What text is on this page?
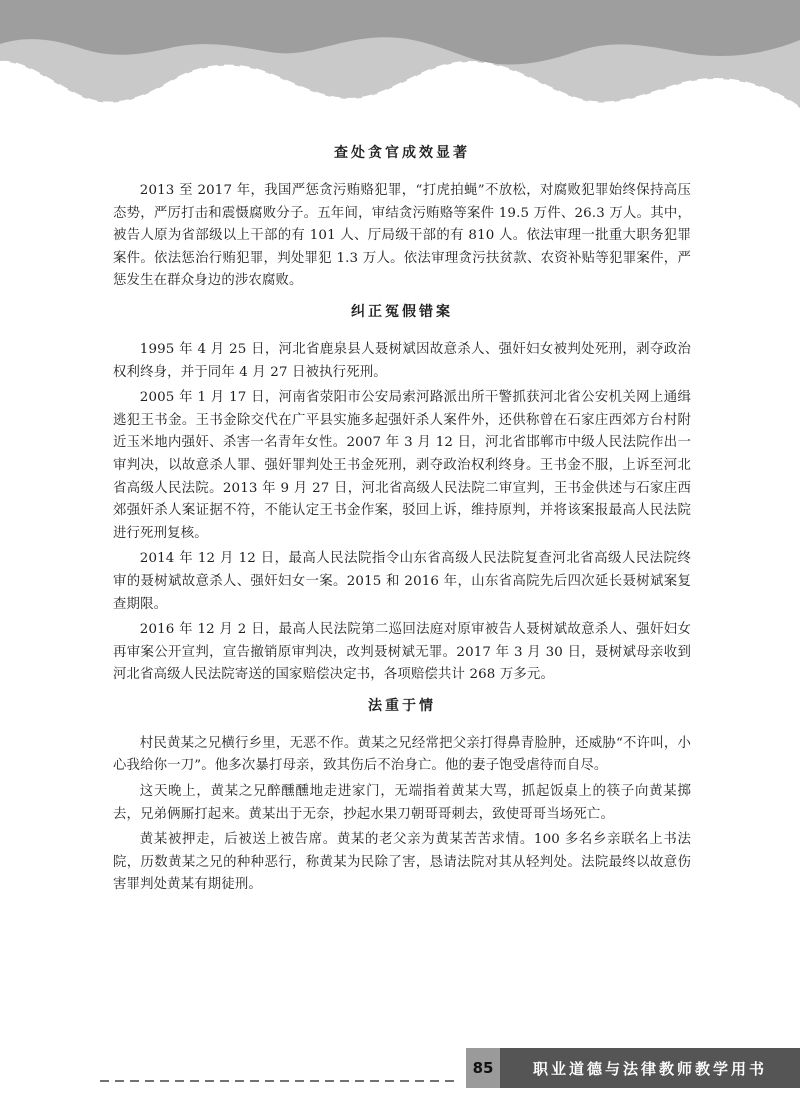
查处贪官成效显著

2013 至 2017 年，我国严惩贪污贿赂犯罪，“打虎拍蝇”不放松，对腐败犯罪始终保持高压态势，严厉打击和震慑腐败分子。五年间，审结贪污贿赂等案件 19.5 万件、26.3 万人。其中，被告人原为省部级以上干部的有 101 人、厅局级干部的有 810 人。依法审理一批重大职务犯罪案件。依法惩治行贿犯罪，判处罪犯 1.3 万人。依法审理贪污扶贫款、农资补贴等犯罪案件，严惩发生在群众身边的涉农腐败。

纠正冤假错案

1995 年 4 月 25 日，河北省鹿泉县人聂树斌因故意杀人、强奸妇女被判处死刑，剥夺政治权利终身，并于同年 4 月 27 日被执行死刑。

2005 年 1 月 17 日，河南省荥阳市公安局索河路派出所干警抓获河北省公安机关网上通缉逃犯王书金。王书金除交代在广平县实施多起强奸杀人案件外，还供称曾在石家庄西郊方台村附近玉米地内强奸、杀害一名青年女性。2007 年 3 月 12 日，河北省邯郸市中级人民法院作出一审判决，以故意杀人罪、强奸罪判处王书金死刑，剥夺政治权利终身。王书金不服，上诉至河北省高级人民法院。2013 年 9 月 27 日，河北省高级人民法院二审宣判，王书金供述与石家庄西郊强奸杀人案证据不符，不能认定王书金作案，驳回上诉，维持原判，并将该案报最高人民法院进行死刑复核。

2014 年 12 月 12 日，最高人民法院指令山东省高级人民法院复查河北省高级人民法院终审的聂树斌故意杀人、强奸妇女一案。2015 和 2016 年，山东省高院先后四次延长聂树斌案复查期限。

2016 年 12 月 2 日，最高人民法院第二巡回法庭对原审被告人聂树斌故意杀人、强奸妇女再审案公开宣判，宣告撤销原审判决，改判聂树斌无罪。2017 年 3 月 30 日，聂树斌母亲收到河北省高级人民法院寄送的国家赔偿决定书，各项赔偿共计 268 万多元。

法重于情

村民黄某之兄横行乡里，无恶不作。黄某之兄经常把父亲打得鼻青脸肿，还威胁“不许叫，小心我给你一刀”。他多次暴打母亲，致其伤后不治身亡。他的妻子饱受虐待而自尽。

这天晚上，黄某之兄醉醺醺地走进家门，无端指着黄某大骂，抓起饭桌上的筷子向黄某掷去，兄弟俩厮打起来。黄某出于无奈，抄起水果刀朝哥哥刺去，致使哥哥当场死亡。

黄某被押走，后被送上被告席。黄某的老父亲为黄某苦苦求情。100 多名乡亲联名上书法院，历数黄某之兄的种种恶行，称黄某为民除了害，恳请法院对其从轻判处。法院最终以故意伤害罪判处黄某有期徒刑。

85	职业道德与法律教师教学用书
